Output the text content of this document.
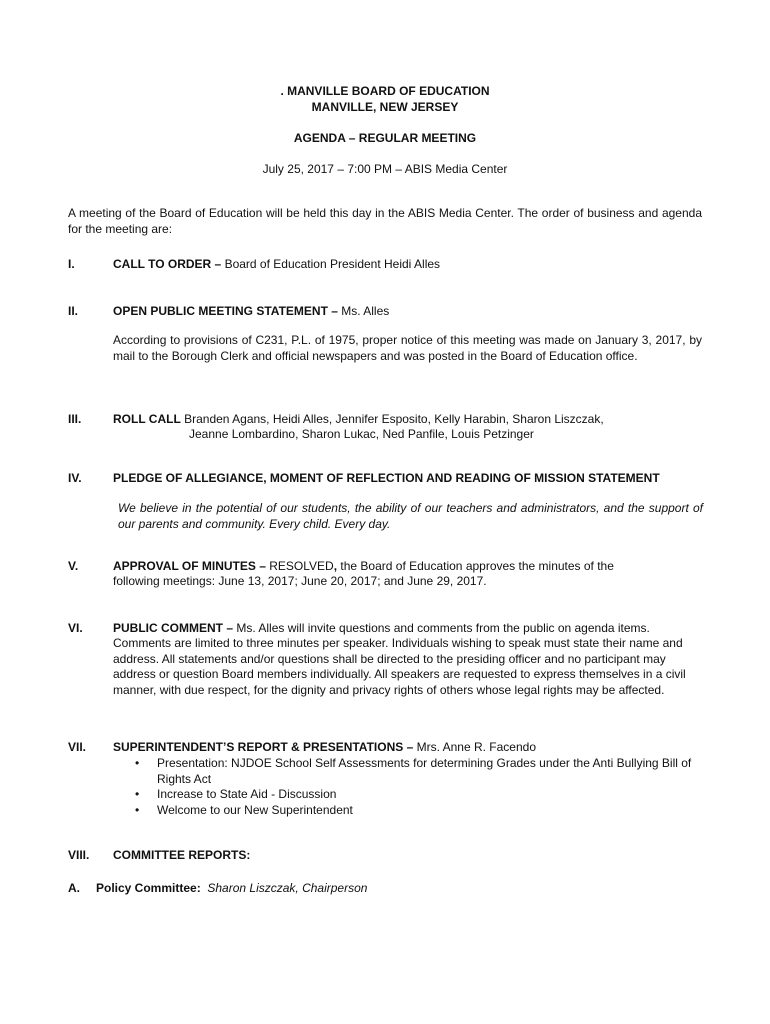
. MANVILLE BOARD OF EDUCATION
MANVILLE, NEW JERSEY
AGENDA – REGULAR MEETING
July 25, 2017 – 7:00 PM – ABIS Media Center
A meeting of the Board of Education will be held this day in the ABIS Media Center. The order of business and agenda for the meeting are:
I.	CALL TO ORDER – Board of Education President Heidi Alles
II.	OPEN PUBLIC MEETING STATEMENT – Ms. Alles
According to provisions of C231, P.L. of 1975, proper notice of this meeting was made on January 3, 2017, by mail to the Borough Clerk and official newspapers and was posted in the Board of Education office.
III.	ROLL CALL Branden Agans, Heidi Alles, Jennifer Esposito, Kelly Harabin, Sharon Liszczak,
Jeanne Lombardino, Sharon Lukac, Ned Panfile, Louis Petzinger
IV.	PLEDGE OF ALLEGIANCE, MOMENT OF REFLECTION AND READING OF MISSION STATEMENT
We believe in the potential of our students, the ability of our teachers and administrators, and the support of our parents and community. Every child. Every day.
V.	APPROVAL OF MINUTES – RESOLVED, the Board of Education approves the minutes of the
following meetings: June 13, 2017; June 20, 2017; and June 29, 2017.
VI.	PUBLIC COMMENT – Ms. Alles will invite questions and comments from the public on agenda items.
Comments are limited to three minutes per speaker. Individuals wishing to speak must state their name and address. All statements and/or questions shall be directed to the presiding officer and no participant may address or question Board members individually. All speakers are requested to express themselves in a civil manner, with due respect, for the dignity and privacy rights of others whose legal rights may be affected.
VII. SUPERINTENDENT’S REPORT & PRESENTATIONS – Mrs. Anne R. Facendo
• Presentation: NJDOE School Self Assessments for determining Grades under the Anti Bullying Bill of Rights Act
• Increase to State Aid - Discussion
• Welcome to our New Superintendent
VIII. COMMITTEE REPORTS:
A. Policy Committee: Sharon Liszczak, Chairperson
